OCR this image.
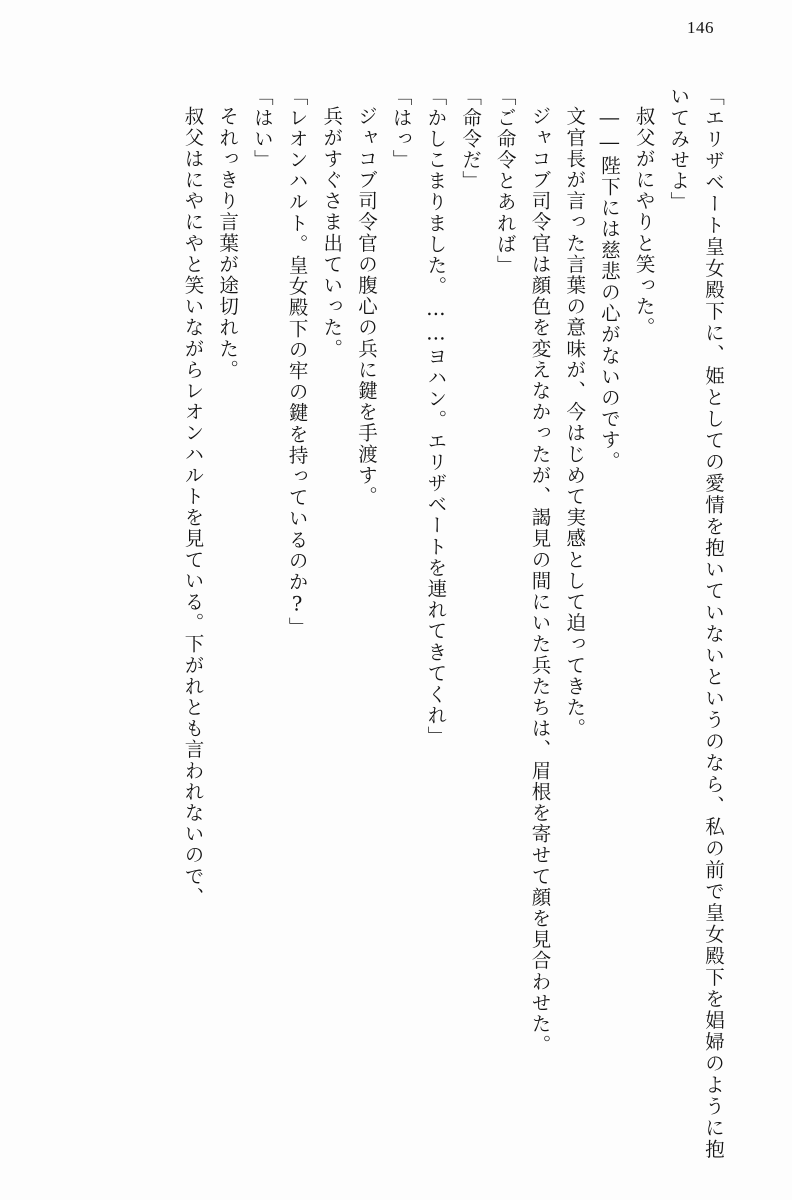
146

「エリザベート皇女殿下に、姫としての愛情を抱いていないというのなら、私の前で皇女殿下を娼婦のように抱いてみせよ」

叔父がにやりと笑った。

――陛下には慈悲の心がないのです。

文官長が言った言葉の意味が、今はじめて実感として迫ってきた。

ジャコブ司令官は顔色を変えなかったが、謁見の間にいた兵たちは、眉根を寄せて顔を見合わせた。

「ご命令とあれば」

「命令だ」

「かしこまりました。……ヨハン。エリザベートを連れてきてくれ」

「はっ」

ジャコブ司令官の腹心の兵に鍵を手渡す。

兵がすぐさま出ていった。

「レオンハルト。皇女殿下の牢の鍵を持っているのか?」

「はい」

それっきり言葉が途切れた。

叔父はにやにやと笑いながらレオンハルトを見ている。下がれとも言われないので、
